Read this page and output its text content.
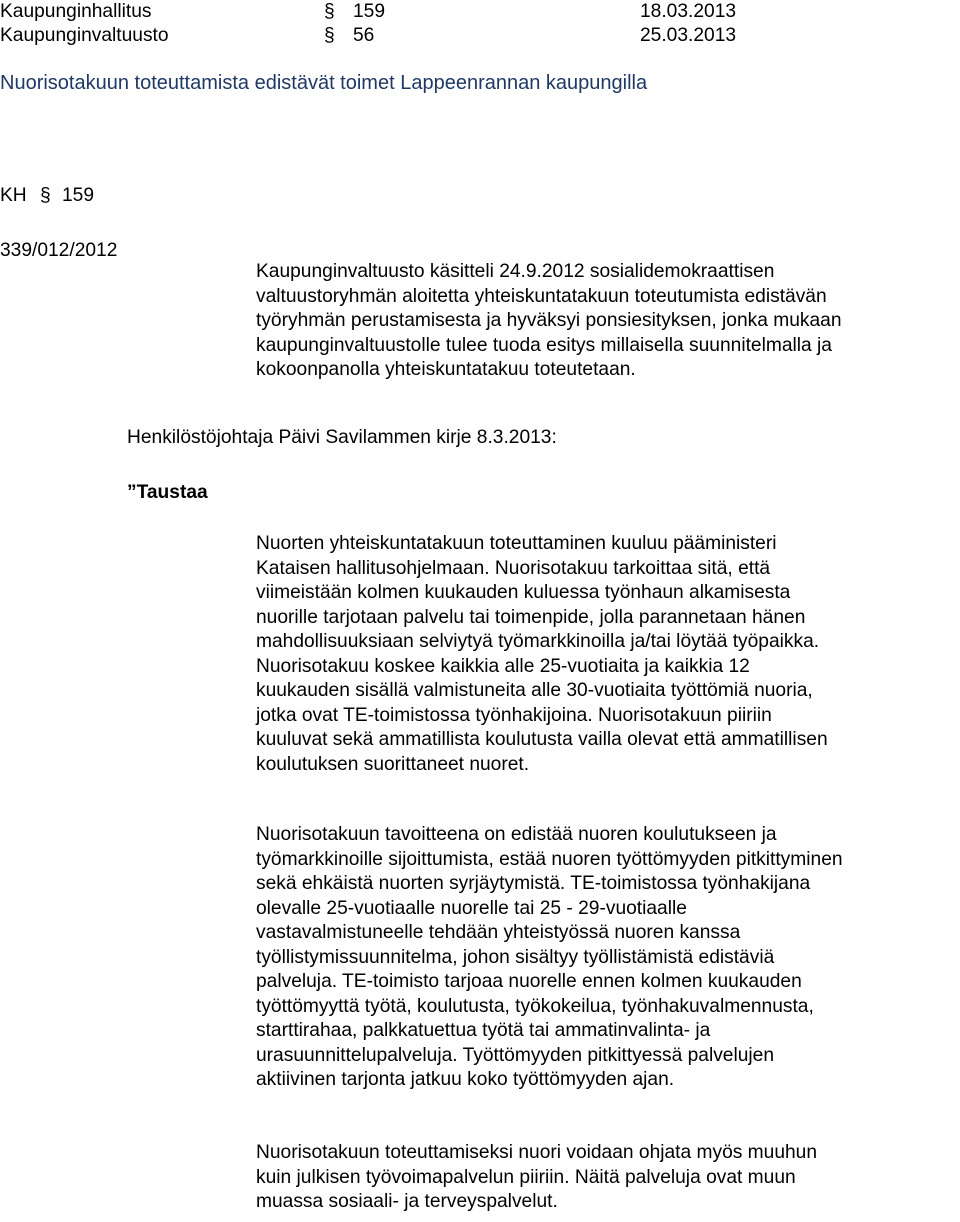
Kaupunginhallitus	§ 159	18.03.2013
Kaupunginvaltuusto	§ 56	25.03.2013
Nuorisotakuun toteuttamista edistävät toimet Lappeenrannan kaupungilla
KH § 159
339/012/2012

Kaupunginvaltuusto käsitteli 24.9.2012 sosialidemokraattisen

valtuustoryhmän aloitetta yhteiskuntatakuun toteutumista edistävän

työryhmän perustamisesta ja hyväksyi ponsiesityksen, jonka mukaan

kaupunginvaltuustolle tulee tuoda esitys millaisella suunnitelmalla ja

kokoonpanolla yhteiskuntatakuu toteutetaan.

Henkilöstöjohtaja Päivi Savilammen kirje 8.3.2013:
”Taustaa

Nuorten yhteiskuntatakuun toteuttaminen kuuluu pääministeri

Kataisen hallitusohjelmaan. Nuorisotakuu tarkoittaa sitä, että

viimeistään kolmen kuukauden kuluessa työnhaun alkamisesta

nuorille tarjotaan palvelu tai toimenpide, jolla parannetaan hänen

mahdollisuuksiaan selviytyä työmarkkinoilla ja/tai löytää työpaikka.

Nuorisotakuu koskee kaikkia alle 25-vuotiaita ja kaikkia 12

kuukauden sisällä valmistuneita alle 30-vuotiaita työttömiä nuoria,

jotka ovat TE-toimistossa työnhakijoina. Nuorisotakuun piiriin

kuuluvat sekä ammatillista koulutusta vailla olevat että ammatillisen

koulutuksen suorittaneet nuoret.

Nuorisotakuun tavoitteena on edistää nuoren koulutukseen ja

työmarkkinoille sijoittumista, estää nuoren työttömyyden pitkittyminen

sekä ehkäistä nuorten syrjäytymistä. TE-toimistossa työnhakijana

olevalle 25-vuotiaalle nuorelle tai 25 - 29-vuotiaalle

vastavalmistuneelle tehdään yhteistyössä nuoren kanssa

työllistymissuunnitelma, johon sisältyy työllistämistä edistäviä

palveluja. TE-toimisto tarjoaa nuorelle ennen kolmen kuukauden

työttömyyttä työtä, koulutusta, työkokeilua, työnhakuvalmennusta,

starttirahaa, palkkatuettua työtä tai ammatinvalinta- ja

urasuunnittelupalveluja. Työttömyyden pitkittyessä palvelujen

aktiivinen tarjonta jatkuu koko työttömyyden ajan.

Nuorisotakuun toteuttamiseksi nuori voidaan ohjata myös muuhun

kuin julkisen työvoimapalvelun piiriin. Näitä palveluja ovat muun

muassa sosiaali- ja terveyspalvelut.
